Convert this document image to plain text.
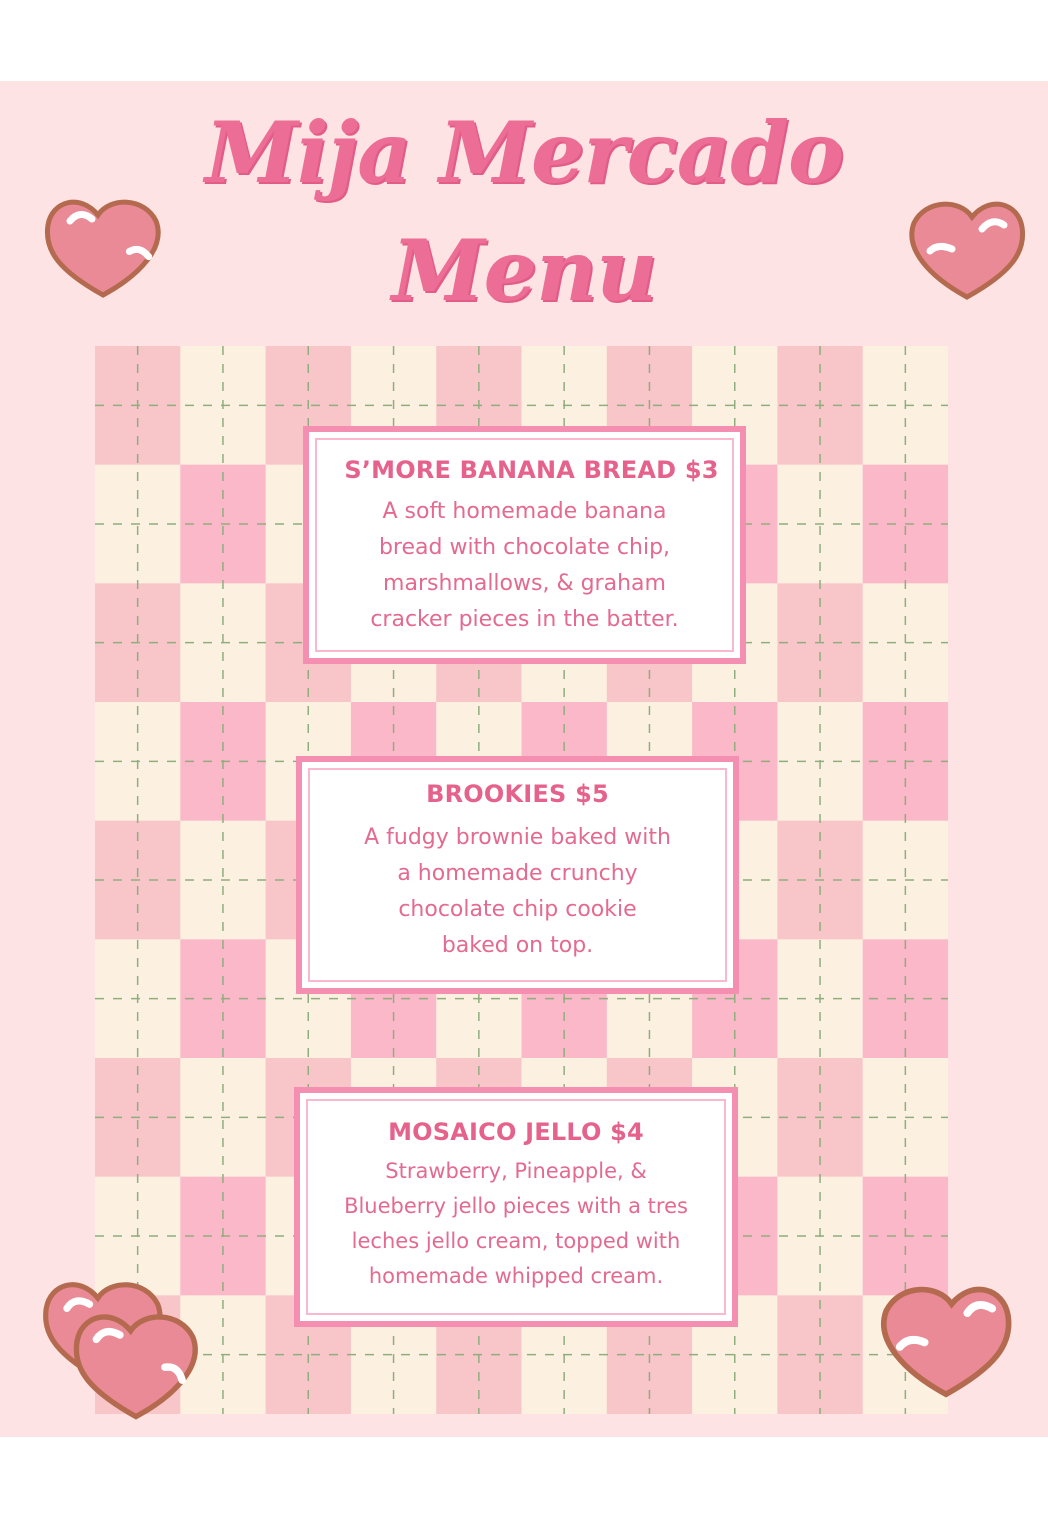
Mija Mercado
Menu
S’MORE BANANA BREAD $3
A soft homemade banana
bread with chocolate chip,
marshmallows, & graham
cracker pieces in the batter.
BROOKIES $5
A fudgy brownie baked with
a homemade crunchy
chocolate chip cookie
baked on top.
MOSAICO JELLO $4
Strawberry, Pineapple, &
Blueberry jello pieces with a tres
leches jello cream, topped with
homemade whipped cream.
